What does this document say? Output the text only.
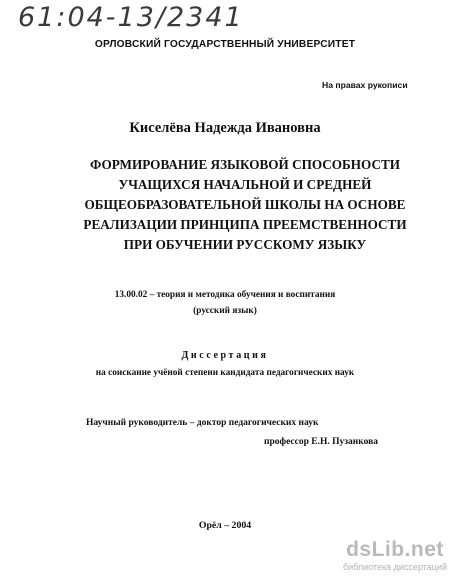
61:04-13/2341
ОРЛОВСКИЙ ГОСУДАРСТВЕННЫЙ УНИВЕРСИТЕТ
На правах рукописи
Киселёва Надежда Ивановна
ФОРМИРОВАНИЕ ЯЗЫКОВОЙ СПОСОБНОСТИ
УЧАЩИХСЯ НАЧАЛЬНОЙ И СРЕДНЕЙ
ОБЩЕОБРАЗОВАТЕЛЬНОЙ ШКОЛЫ НА ОСНОВЕ
РЕАЛИЗАЦИИ ПРИНЦИПА ПРЕЕМСТВЕННОСТИ
ПРИ ОБУЧЕНИИ РУССКОМУ ЯЗЫКУ
13.00.02 – теория и методика обучения и воспитания
(русский язык)
Диссертация
на соискание учёной степени кандидата педагогических наук
Научный руководитель – доктор педагогических наук
профессор Е.Н. Пузанкова
Орёл – 2004
dsLib.net
библиотека диссертаций
